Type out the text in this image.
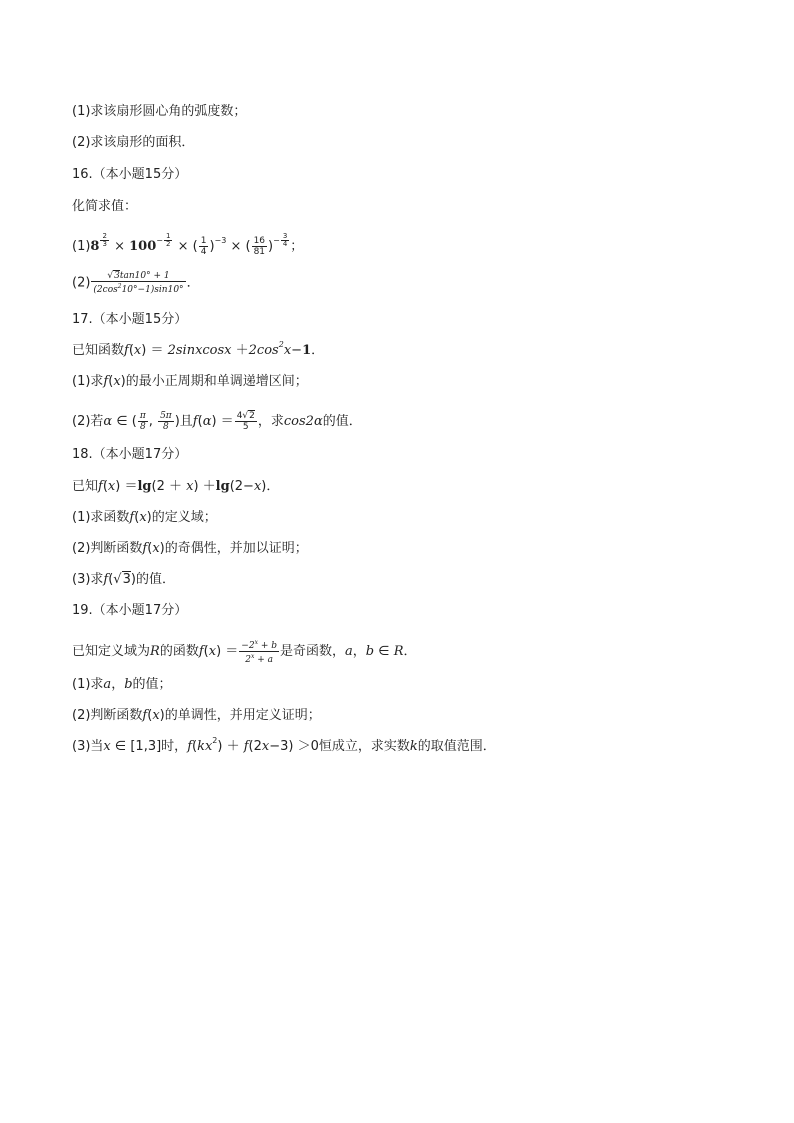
(1)求该扇形圆心角的弧度数；
(2)求该扇形的面积．
16.（本小题15分）
化简求值：
(1)8 $^{\frac{2}{3}} \times 100^{- \frac{1}{2}}$ × ( $\frac{1}{4} )^{-3}$ × ( $\frac{16}{81} )^{- \frac{3}{4}}$ ；
$(2) \frac{√3\tan 10^\circ + 1}{(2\cos^210^\circ-1)\sin 10^\circ}$ ．
17.（本小题15分）
已知函数f(x) ＝ 2sinxcosx $+2\cos^2x-1$．
(1)求f(x)的最小正周期和单调递增区间；
(2)若α ∈ ( $\frac{\pi}{8}$ , $\frac{5\pi}{8}$ )且$f(\alpha) = \frac{4√2}{5}$ ，求cos2α的值．
18.（本小题17分）
已知f(x) ＝lg(2 ＋ x) ＋lg(2−x)．
(1)求函数f(x)的定义域；
(2)判断函数f(x)的奇偶性，并加以证明；
(3)求f(√3)的值．
19.（本小题17分）
已知定义域为R的函数$f(x) = \frac{-2^x + b}{2^x + a}$ 是奇函数，a，b ∈ R．
(1)求a，b的值；
(2)判断函数f(x)的单调性，并用定义证明；
(3)当x ∈ [1,3]时，$f(kx^2) + f(2x-3) >0$恒成立，求实数k的取值范围．
